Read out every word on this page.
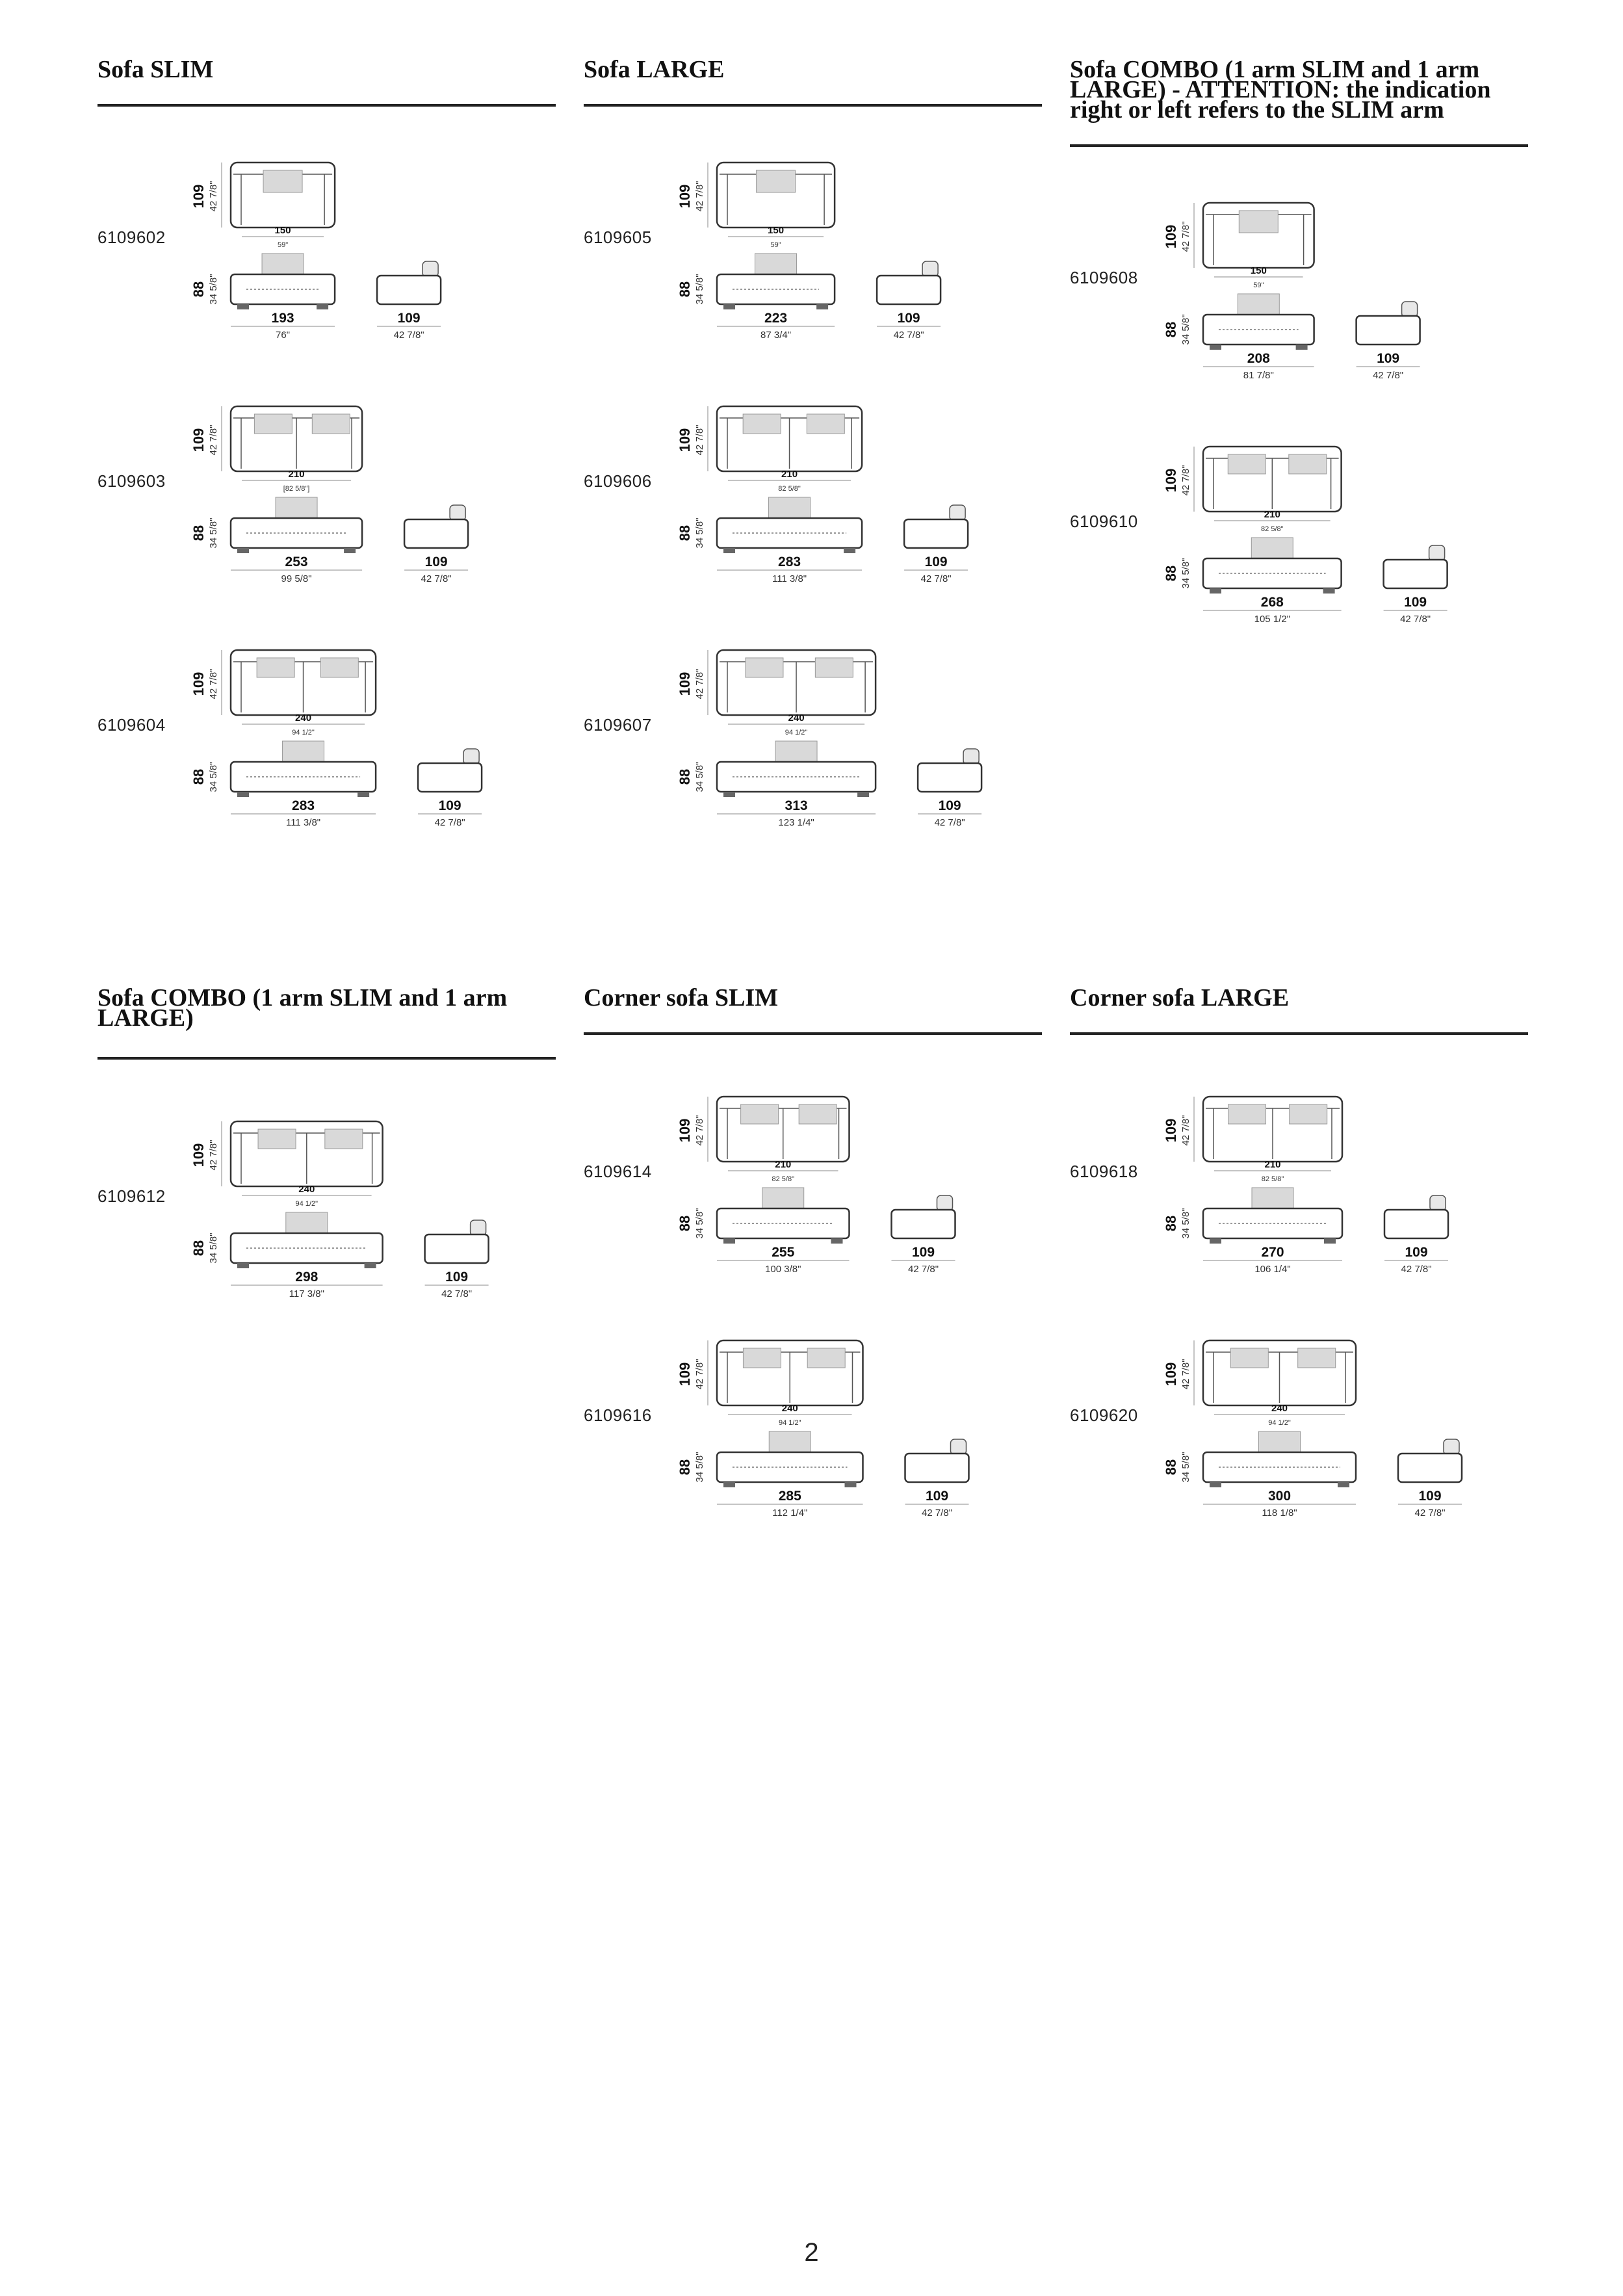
Sofa SLIM	Sofa LARGE	Sofa COMBO (1 arm SLIM and 1 arm LARGE) - ATTENTION: the indication right or left refers to the SLIM arm
Sofa COMBO (1 arm SLIM and 1 arm LARGE)
Corner sofa SLIM	Corner sofa LARGE
6109602
109 42 7/8"
150
59"
88 34 5/8"
193
76"
109
42 7/8"
6109603
109 42 7/8"
210
[82 5/8"]
88 34 5/8"
253
99 5/8"
109
42 7/8"
6109604
109 42 7/8"
240
94 1/2"
88 34 5/8"
283
111 3/8"
109
42 7/8"
6109605
109 42 7/8"
150
59"
88 34 5/8"
223
87 3/4"
109
42 7/8"
6109606
109 42 7/8"
210
82 5/8"
88 34 5/8"
283
111 3/8"
109
42 7/8"
6109607
109 42 7/8"
240
94 1/2"
88 34 5/8"
313
123 1/4"
109
42 7/8"
6109608
109 42 7/8"
150
59"
88 34 5/8"
208
81 7/8"
109
42 7/8"
6109610
109 42 7/8"
210
82 5/8"
88 34 5/8"
268
105 1/2"
109
42 7/8"
6109612
109 42 7/8"
240
94 1/2"
88 34 5/8"
298
117 3/8"
109
42 7/8"
6109614
109 42 7/8"
210
82 5/8"
88 34 5/8"
255
100 3/8"
109
42 7/8"
6109616
109 42 7/8"
240
94 1/2"
88 34 5/8"
285
112 1/4"
109
42 7/8"
6109618
109 42 7/8"
210
82 5/8"
88 34 5/8"
270
106 1/4"
109
42 7/8"
6109620
109 42 7/8"
240
94 1/2"
88 34 5/8"
300
118 1/8"
109
42 7/8"
2
